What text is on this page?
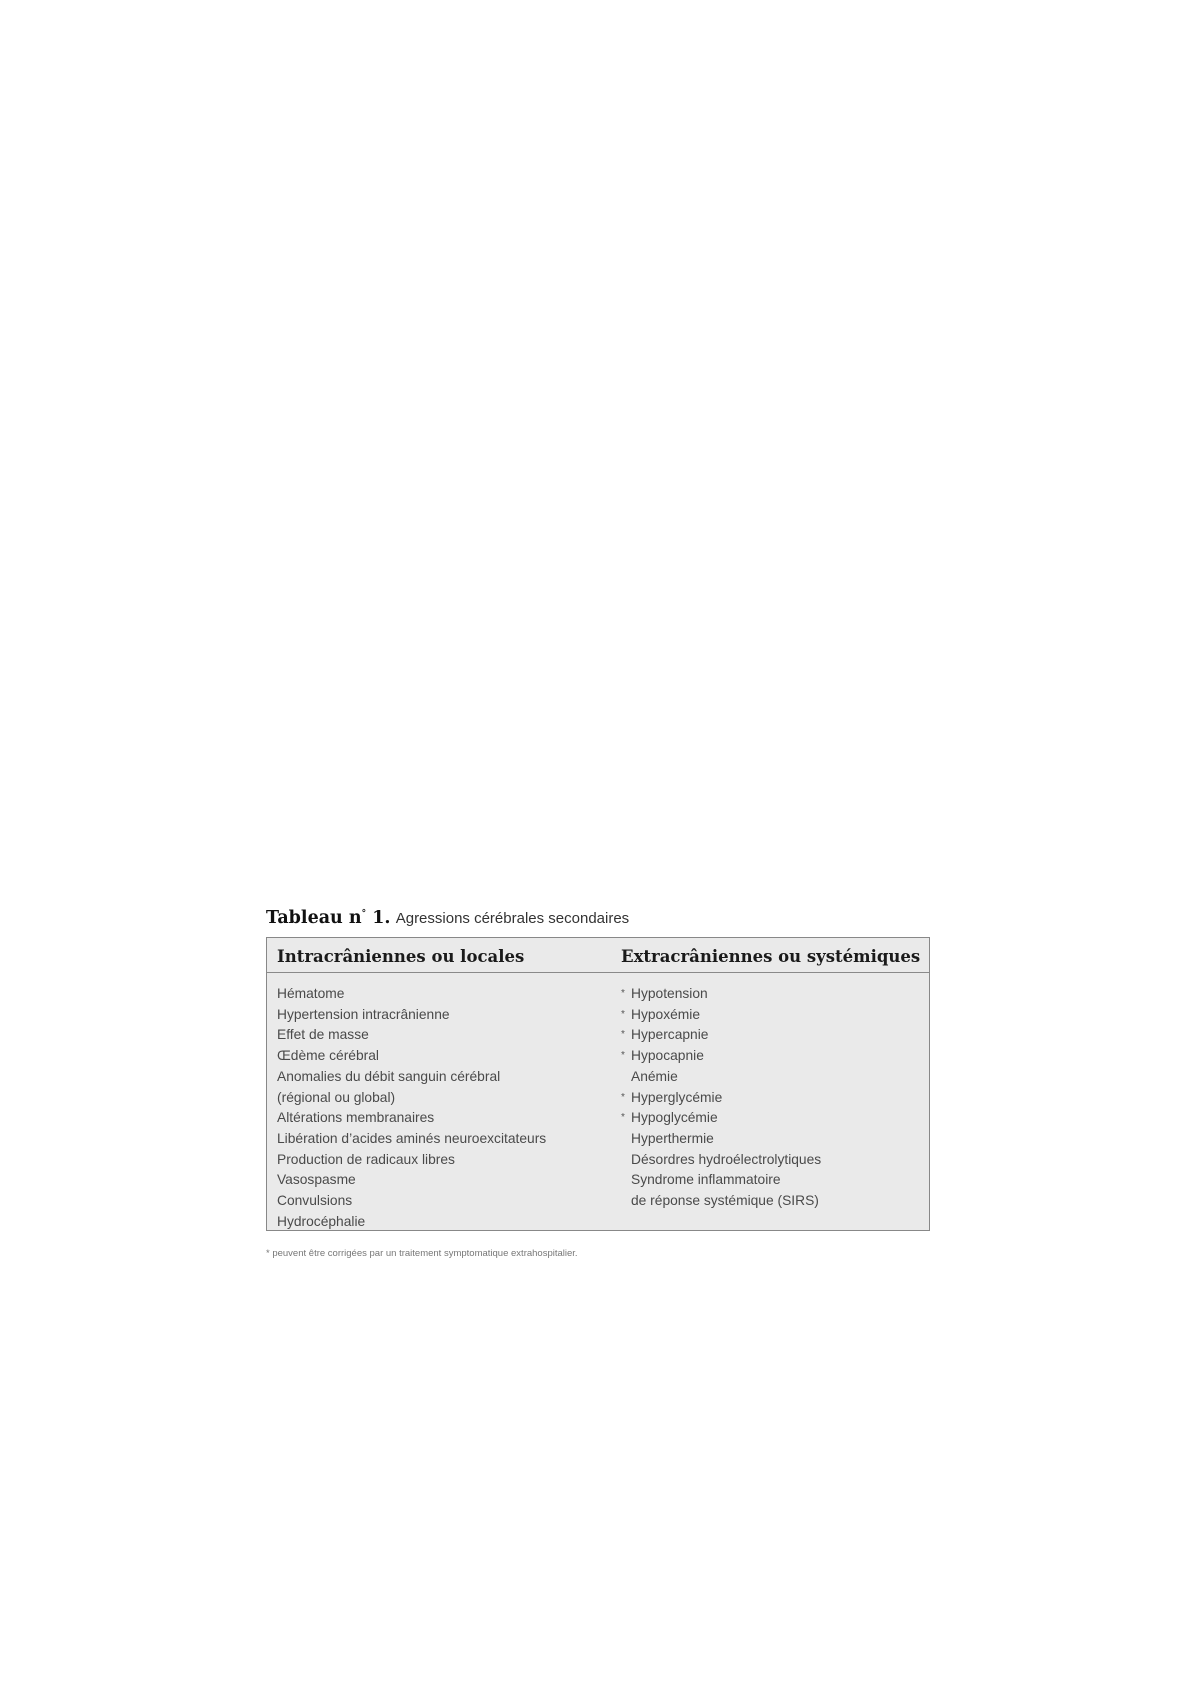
Tableau n° 1. Agressions cérébrales secondaires
Intracrâniennes ou locales	Extracrâniennes ou systémiques
Hématome
Hypertension intracrânienne
Effet de masse
Œdème cérébral
Anomalies du débit sanguin cérébral
(régional ou global)
Altérations membranaires
Libération d’acides aminés neuroexcitateurs
Production de radicaux libres
Vasospasme
Convulsions
Hydrocéphalie
* Hypotension
* Hypoxémie
* Hypercapnie
* Hypocapnie
Anémie
* Hyperglycémie
* Hypoglycémie
Hyperthermie
Désordres hydroélectrolytiques
Syndrome inflammatoire
de réponse systémique (SIRS)
* peuvent être corrigées par un traitement symptomatique extrahospitalier.
